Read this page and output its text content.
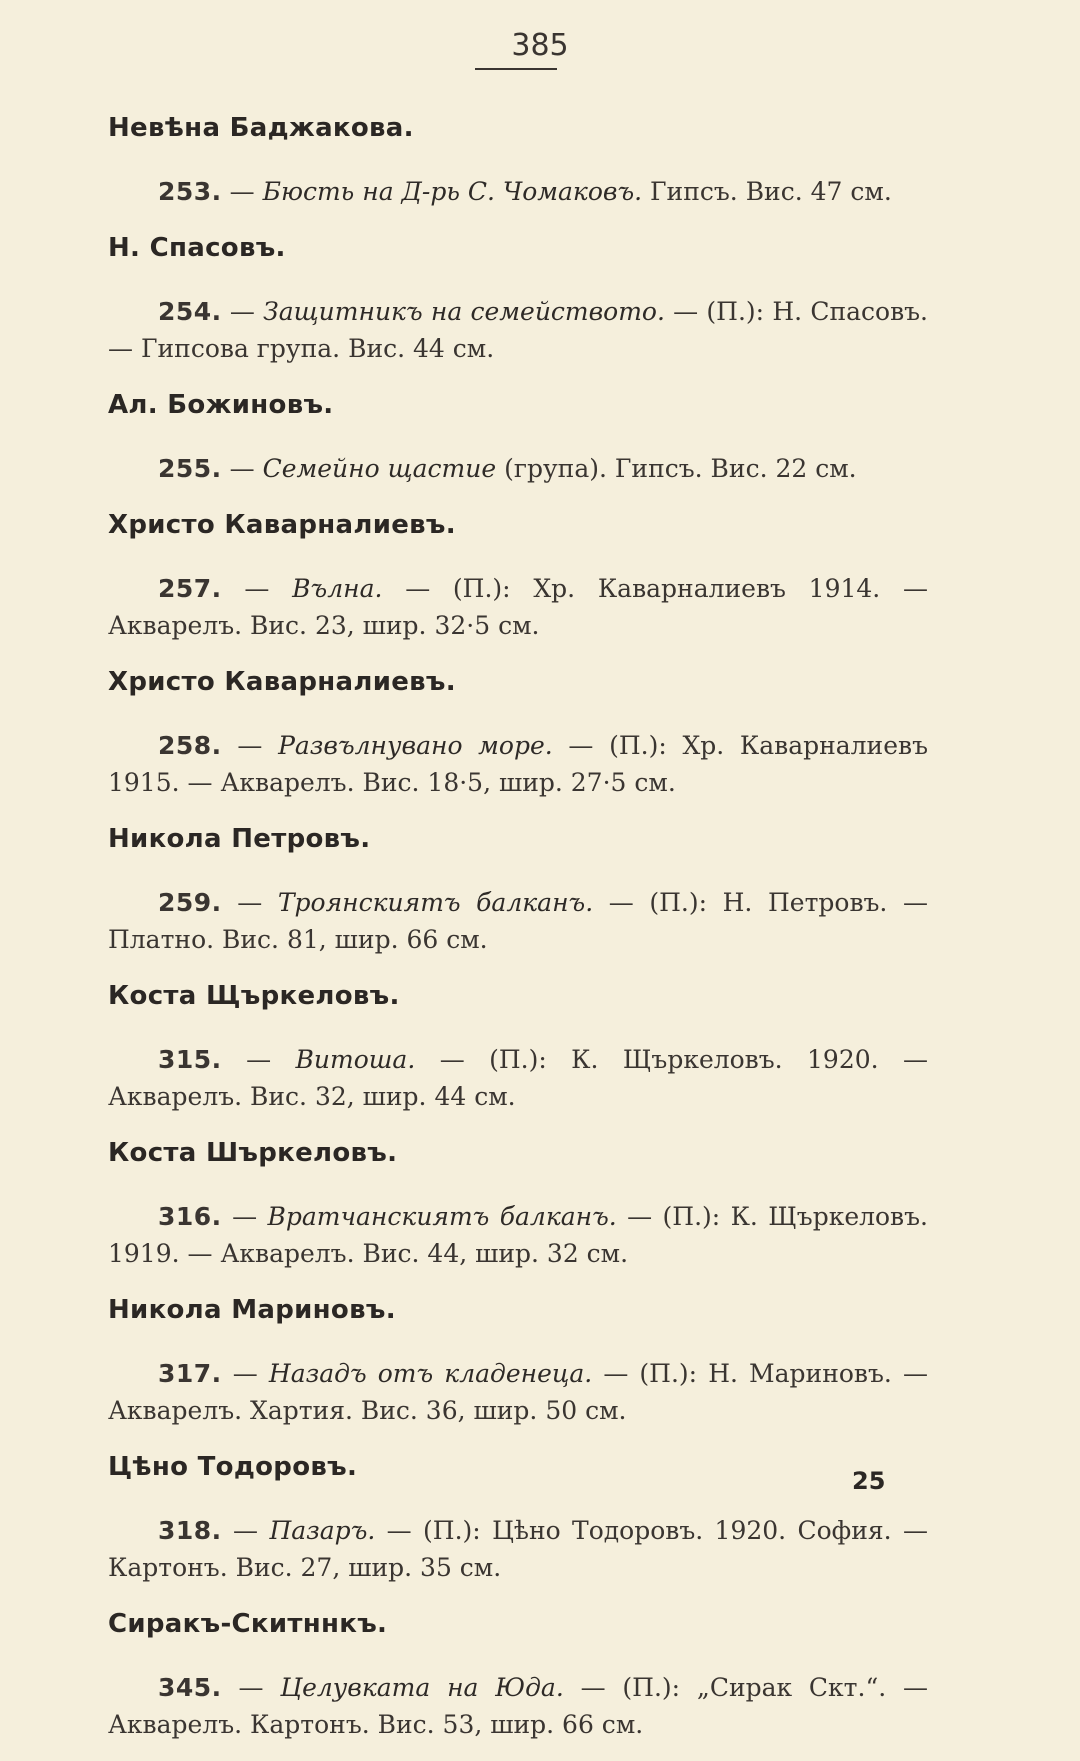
385
Невѣна Баджакова.

253. — Бюсть на Д-рь С. Чомаковъ. Гипсъ. Вис. 47 см.

Н. Спасовъ.

254. — Защитникъ на семейството. — (П.): Н. Спасовъ. — Гипсова група. Вис. 44 см.

Ал. Божиновъ.

255. — Семейно щастие (група). Гипсъ. Вис. 22 см.

Христо Каварналиевъ.

257. — Вълна. — (П.): Хр. Каварналиевъ 1914. — Акварелъ. Вис. 23, шир. 32·5 см.

Христо Каварналиевъ.

258. — Развълнувано море. — (П.): Хр. Каварналиевъ 1915. — Акварелъ. Вис. 18·5, шир. 27·5 см.

Никола Петровъ.

259. — Троянскиятъ балканъ. — (П.): Н. Петровъ. — Платно. Вис. 81, шир. 66 см.

Коста Щъркеловъ.

315. — Витоша. — (П.): К. Щъркеловъ. 1920. — Акварелъ. Вис. 32, шир. 44 см.

Коста Шъркеловъ.

316. — Вратчанскиятъ балканъ. — (П.): К. Щъркеловъ. 1919. — Акварелъ. Вис. 44, шир. 32 см.

Никола Мариновъ.

317. — Назадъ отъ кладенеца. — (П.): Н. Мариновъ. — Акварелъ. Хартия. Вис. 36, шир. 50 см.

Цѣно Тодоровъ.

318. — Пазаръ. — (П.): Цѣно Тодоровъ. 1920. София. — Картонъ. Вис. 27, шир. 35 см.

Сиракъ-Скитннкъ.

345. — Целувката на Юда. — (П.): „Сирак Скт.“. — Акварелъ. Картонъ. Вис. 53, шир. 66 см.

25
